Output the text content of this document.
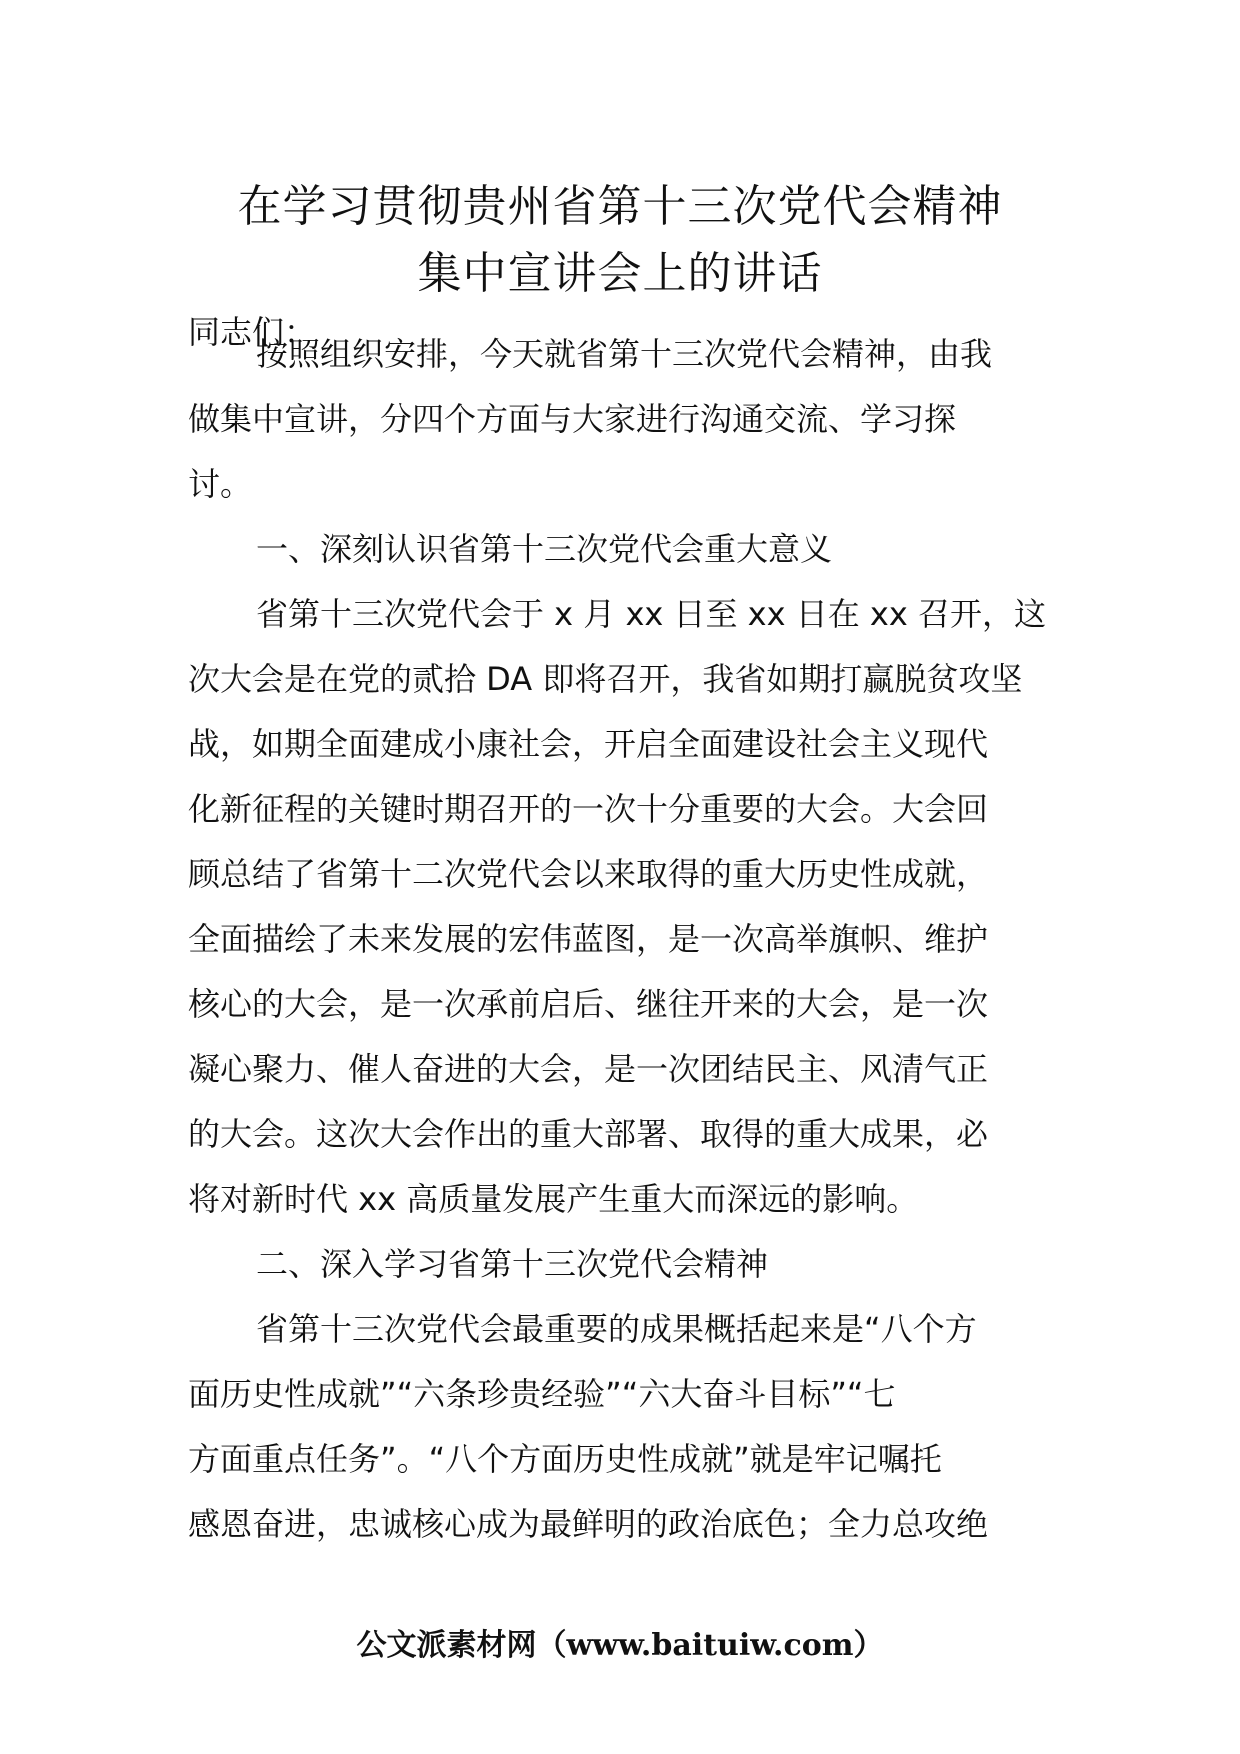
在学习贯彻贵州省第十三次党代会精神
集中宣讲会上的讲话
同志们：
按照组织安排，今天就省第十三次党代会精神，由我
做集中宣讲，分四个方面与大家进行沟通交流、学习探
讨。
一、深刻认识省第十三次党代会重大意义
省第十三次党代会于 x 月 xx 日至 xx 日在 xx 召开，这
次大会是在党的贰拾 DA 即将召开，我省如期打赢脱贫攻坚
战，如期全面建成小康社会，开启全面建设社会主义现代
化新征程的关键时期召开的一次十分重要的大会。大会回
顾总结了省第十二次党代会以来取得的重大历史性成就，
全面描绘了未来发展的宏伟蓝图，是一次高举旗帜、维护
核心的大会，是一次承前启后、继往开来的大会，是一次
凝心聚力、催人奋进的大会，是一次团结民主、风清气正
的大会。这次大会作出的重大部署、取得的重大成果，必
将对新时代 xx 高质量发展产生重大而深远的影响。
二、深入学习省第十三次党代会精神
省第十三次党代会最重要的成果概括起来是“八个方
面历史性成就”“六条珍贵经验”“六大奋斗目标”“七
方面重点任务”。“八个方面历史性成就”就是牢记嘱托
感恩奋进，忠诚核心成为最鲜明的政治底色；全力总攻绝
公文派素材网（www.baituiw.com）
